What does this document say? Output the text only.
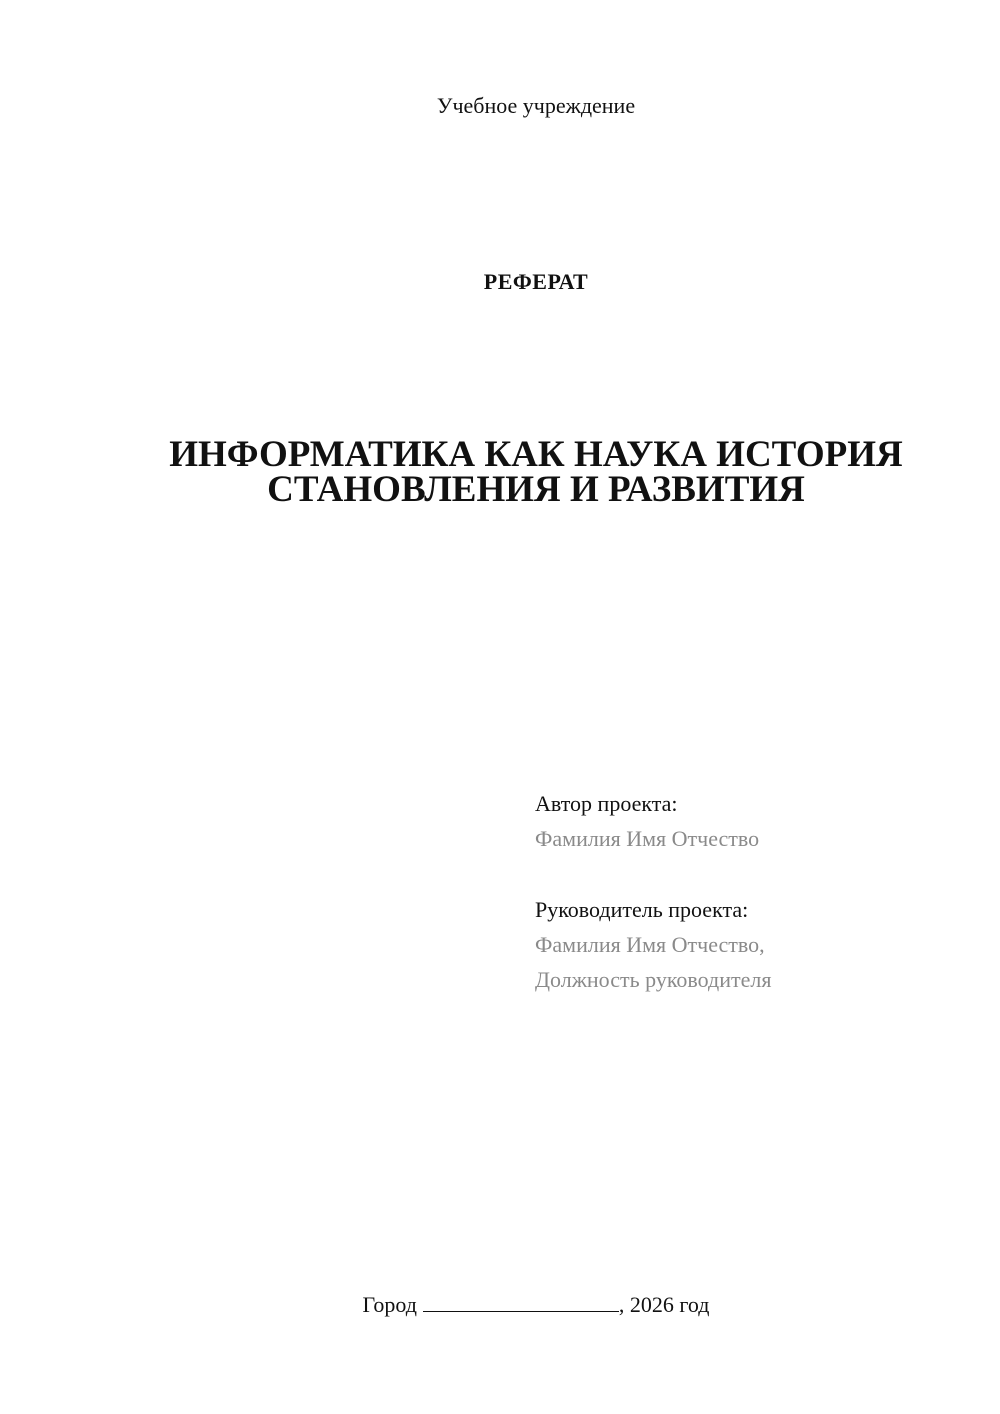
Учебное учреждение
РЕФЕРАТ
ИНФОРМАТИКА КАК НАУКА ИСТОРИЯ
СТАНОВЛЕНИЯ И РАЗВИТИЯ
Автор проекта:
Фамилия Имя Отчество
Руководитель проекта:
Фамилия Имя Отчество,
Должность руководителя
Город	, 2026 год
